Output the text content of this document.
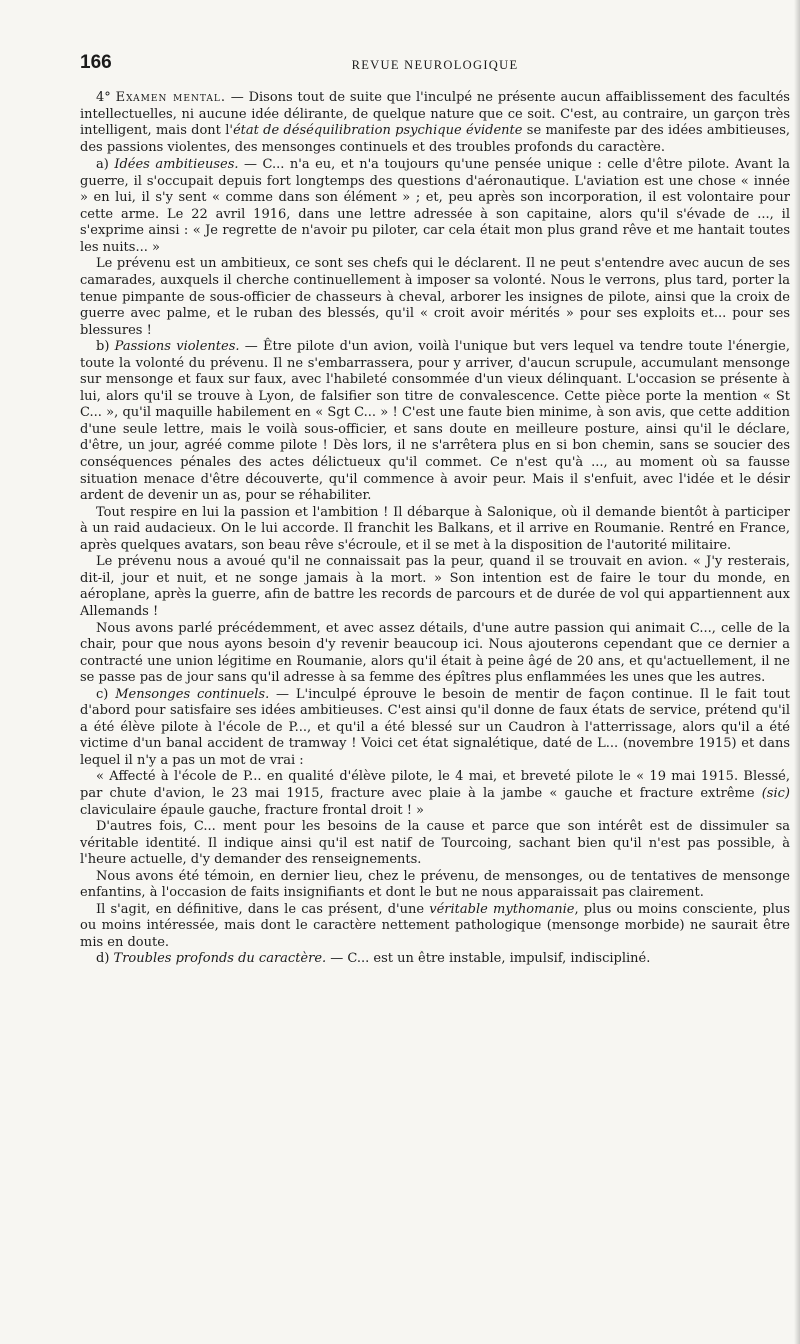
166	REVUE NEUROLOGIQUE

4° Examen mental. — Disons tout de suite que l'inculpé ne présente aucun affaiblissement des facultés intellectuelles, ni aucune idée délirante, de quelque nature que ce soit. C'est, au contraire, un garçon très intelligent, mais dont l'état de déséquilibration psychique évidente se manifeste par des idées ambitieuses, des passions violentes, des mensonges continuels et des troubles profonds du caractère.

a) Idées ambitieuses. — C... n'a eu, et n'a toujours qu'une pensée unique : celle d'être pilote. Avant la guerre, il s'occupait depuis fort longtemps des questions d'aéronautique. L'aviation est une chose « innée » en lui, il s'y sent « comme dans son élément » ; et, peu après son incorporation, il est volontaire pour cette arme. Le 22 avril 1916, dans une lettre adressée à son capitaine, alors qu'il s'évade de ..., il s'exprime ainsi : « Je regrette de n'avoir pu piloter, car cela était mon plus grand rêve et me hantait toutes les nuits... »

Le prévenu est un ambitieux, ce sont ses chefs qui le déclarent. Il ne peut s'entendre avec aucun de ses camarades, auxquels il cherche continuellement à imposer sa volonté. Nous le verrons, plus tard, porter la tenue pimpante de sous-officier de chasseurs à cheval, arborer les insignes de pilote, ainsi que la croix de guerre avec palme, et le ruban des blessés, qu'il « croit avoir mérités » pour ses exploits et... pour ses blessures !

b) Passions violentes. — Être pilote d'un avion, voilà l'unique but vers lequel va tendre toute l'énergie, toute la volonté du prévenu. Il ne s'embarrassera, pour y arriver, d'aucun scrupule, accumulant mensonge sur mensonge et faux sur faux, avec l'habileté consommée d'un vieux délinquant. L'occasion se présente à lui, alors qu'il se trouve à Lyon, de falsifier son titre de convalescence. Cette pièce porte la mention « St C... », qu'il maquille habilement en « Sgt C... » ! C'est une faute bien minime, à son avis, que cette addition d'une seule lettre, mais le voilà sous-officier, et sans doute en meilleure posture, ainsi qu'il le déclare, d'être, un jour, agréé comme pilote ! Dès lors, il ne s'arrêtera plus en si bon chemin, sans se soucier des conséquences pénales des actes délictueux qu'il commet. Ce n'est qu'à ..., au moment où sa fausse situation menace d'être découverte, qu'il commence à avoir peur. Mais il s'enfuit, avec l'idée et le désir ardent de devenir un as, pour se réhabiliter.

Tout respire en lui la passion et l'ambition ! Il débarque à Salonique, où il demande bientôt à participer à un raid audacieux. On le lui accorde. Il franchit les Balkans, et il arrive en Roumanie. Rentré en France, après quelques avatars, son beau rêve s'écroule, et il se met à la disposition de l'autorité militaire.

Le prévenu nous a avoué qu'il ne connaissait pas la peur, quand il se trouvait en avion. « J'y resterais, dit-il, jour et nuit, et ne songe jamais à la mort. » Son intention est de faire le tour du monde, en aéroplane, après la guerre, afin de battre les records de parcours et de durée de vol qui appartiennent aux Allemands !

Nous avons parlé précédemment, et avec assez détails, d'une autre passion qui animait C..., celle de la chair, pour que nous ayons besoin d'y revenir beaucoup ici. Nous ajouterons cependant que ce dernier a contracté une union légitime en Roumanie, alors qu'il était à peine âgé de 20 ans, et qu'actuellement, il ne se passe pas de jour sans qu'il adresse à sa femme des épîtres plus enflammées les unes que les autres.

c) Mensonges continuels. — L'inculpé éprouve le besoin de mentir de façon continue. Il le fait tout d'abord pour satisfaire ses idées ambitieuses. C'est ainsi qu'il donne de faux états de service, prétend qu'il a été élève pilote à l'école de P..., et qu'il a été blessé sur un Caudron à l'atterrissage, alors qu'il a été victime d'un banal accident de tramway ! Voici cet état signalétique, daté de L... (novembre 1915) et dans lequel il n'y a pas un mot de vrai :

« Affecté à l'école de P... en qualité d'élève pilote, le 4 mai, et breveté pilote le « 19 mai 1915. Blessé, par chute d'avion, le 23 mai 1915, fracture avec plaie à la jambe « gauche et fracture extrême (sic) claviculaire épaule gauche, fracture frontal droit ! »

D'autres fois, C... ment pour les besoins de la cause et parce que son intérêt est de dissimuler sa véritable identité. Il indique ainsi qu'il est natif de Tourcoing, sachant bien qu'il n'est pas possible, à l'heure actuelle, d'y demander des renseignements.

Nous avons été témoin, en dernier lieu, chez le prévenu, de mensonges, ou de tentatives de mensonge enfantins, à l'occasion de faits insignifiants et dont le but ne nous apparaissait pas clairement.

Il s'agit, en définitive, dans le cas présent, d'une véritable mythomanie, plus ou moins consciente, plus ou moins intéressée, mais dont le caractère nettement pathologique (mensonge morbide) ne saurait être mis en doute.

d) Troubles profonds du caractère. — C... est un être instable, impulsif, indiscipliné.
